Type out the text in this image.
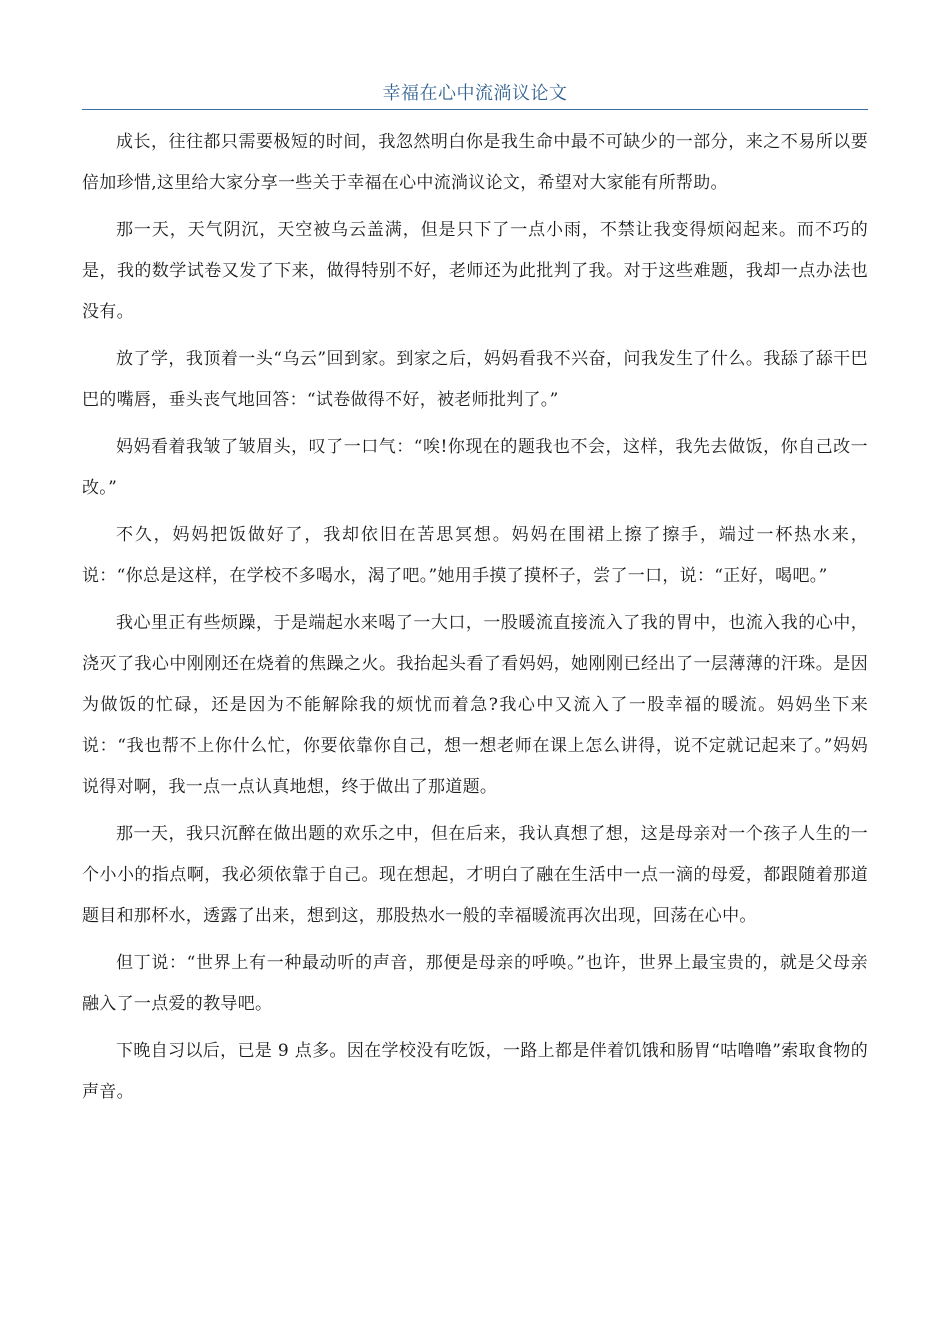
幸福在心中流淌议论文

成长，往往都只需要极短的时间，我忽然明白你是我生命中最不可缺少的一部分，来之不易所以要倍加珍惜,这里给大家分享一些关于幸福在心中流淌议论文，希望对大家能有所帮助。

那一天，天气阴沉，天空被乌云盖满，但是只下了一点小雨，不禁让我变得烦闷起来。而不巧的是，我的数学试卷又发了下来，做得特别不好，老师还为此批判了我。对于这些难题，我却一点办法也没有。

放了学，我顶着一头“乌云”回到家。到家之后，妈妈看我不兴奋，问我发生了什么。我舔了舔干巴巴的嘴唇，垂头丧气地回答：“试卷做得不好，被老师批判了。”

妈妈看着我皱了皱眉头，叹了一口气：“唉!你现在的题我也不会，这样，我先去做饭，你自己改一改。”

不久，妈妈把饭做好了，我却依旧在苦思冥想。妈妈在围裙上擦了擦手，端过一杯热水来，说：“你总是这样，在学校不多喝水，渴了吧。”她用手摸了摸杯子，尝了一口，说：“正好，喝吧。”

我心里正有些烦躁，于是端起水来喝了一大口，一股暖流直接流入了我的胃中，也流入我的心中，浇灭了我心中刚刚还在烧着的焦躁之火。我抬起头看了看妈妈，她刚刚已经出了一层薄薄的汗珠。是因为做饭的忙碌，还是因为不能解除我的烦忧而着急?我心中又流入了一股幸福的暖流。妈妈坐下来说：“我也帮不上你什么忙，你要依靠你自己，想一想老师在课上怎么讲得，说不定就记起来了。”妈妈说得对啊，我一点一点认真地想，终于做出了那道题。

那一天，我只沉醉在做出题的欢乐之中，但在后来，我认真想了想，这是母亲对一个孩子人生的一个小小的指点啊，我必须依靠于自己。现在想起，才明白了融在生活中一点一滴的母爱，都跟随着那道题目和那杯水，透露了出来，想到这，那股热水一般的幸福暖流再次出现，回荡在心中。

但丁说：“世界上有一种最动听的声音，那便是母亲的呼唤。”也许，世界上最宝贵的，就是父母亲融入了一点爱的教导吧。

下晚自习以后，已是 9 点多。因在学校没有吃饭，一路上都是伴着饥饿和肠胃“咕噜噜”索取食物的声音。
